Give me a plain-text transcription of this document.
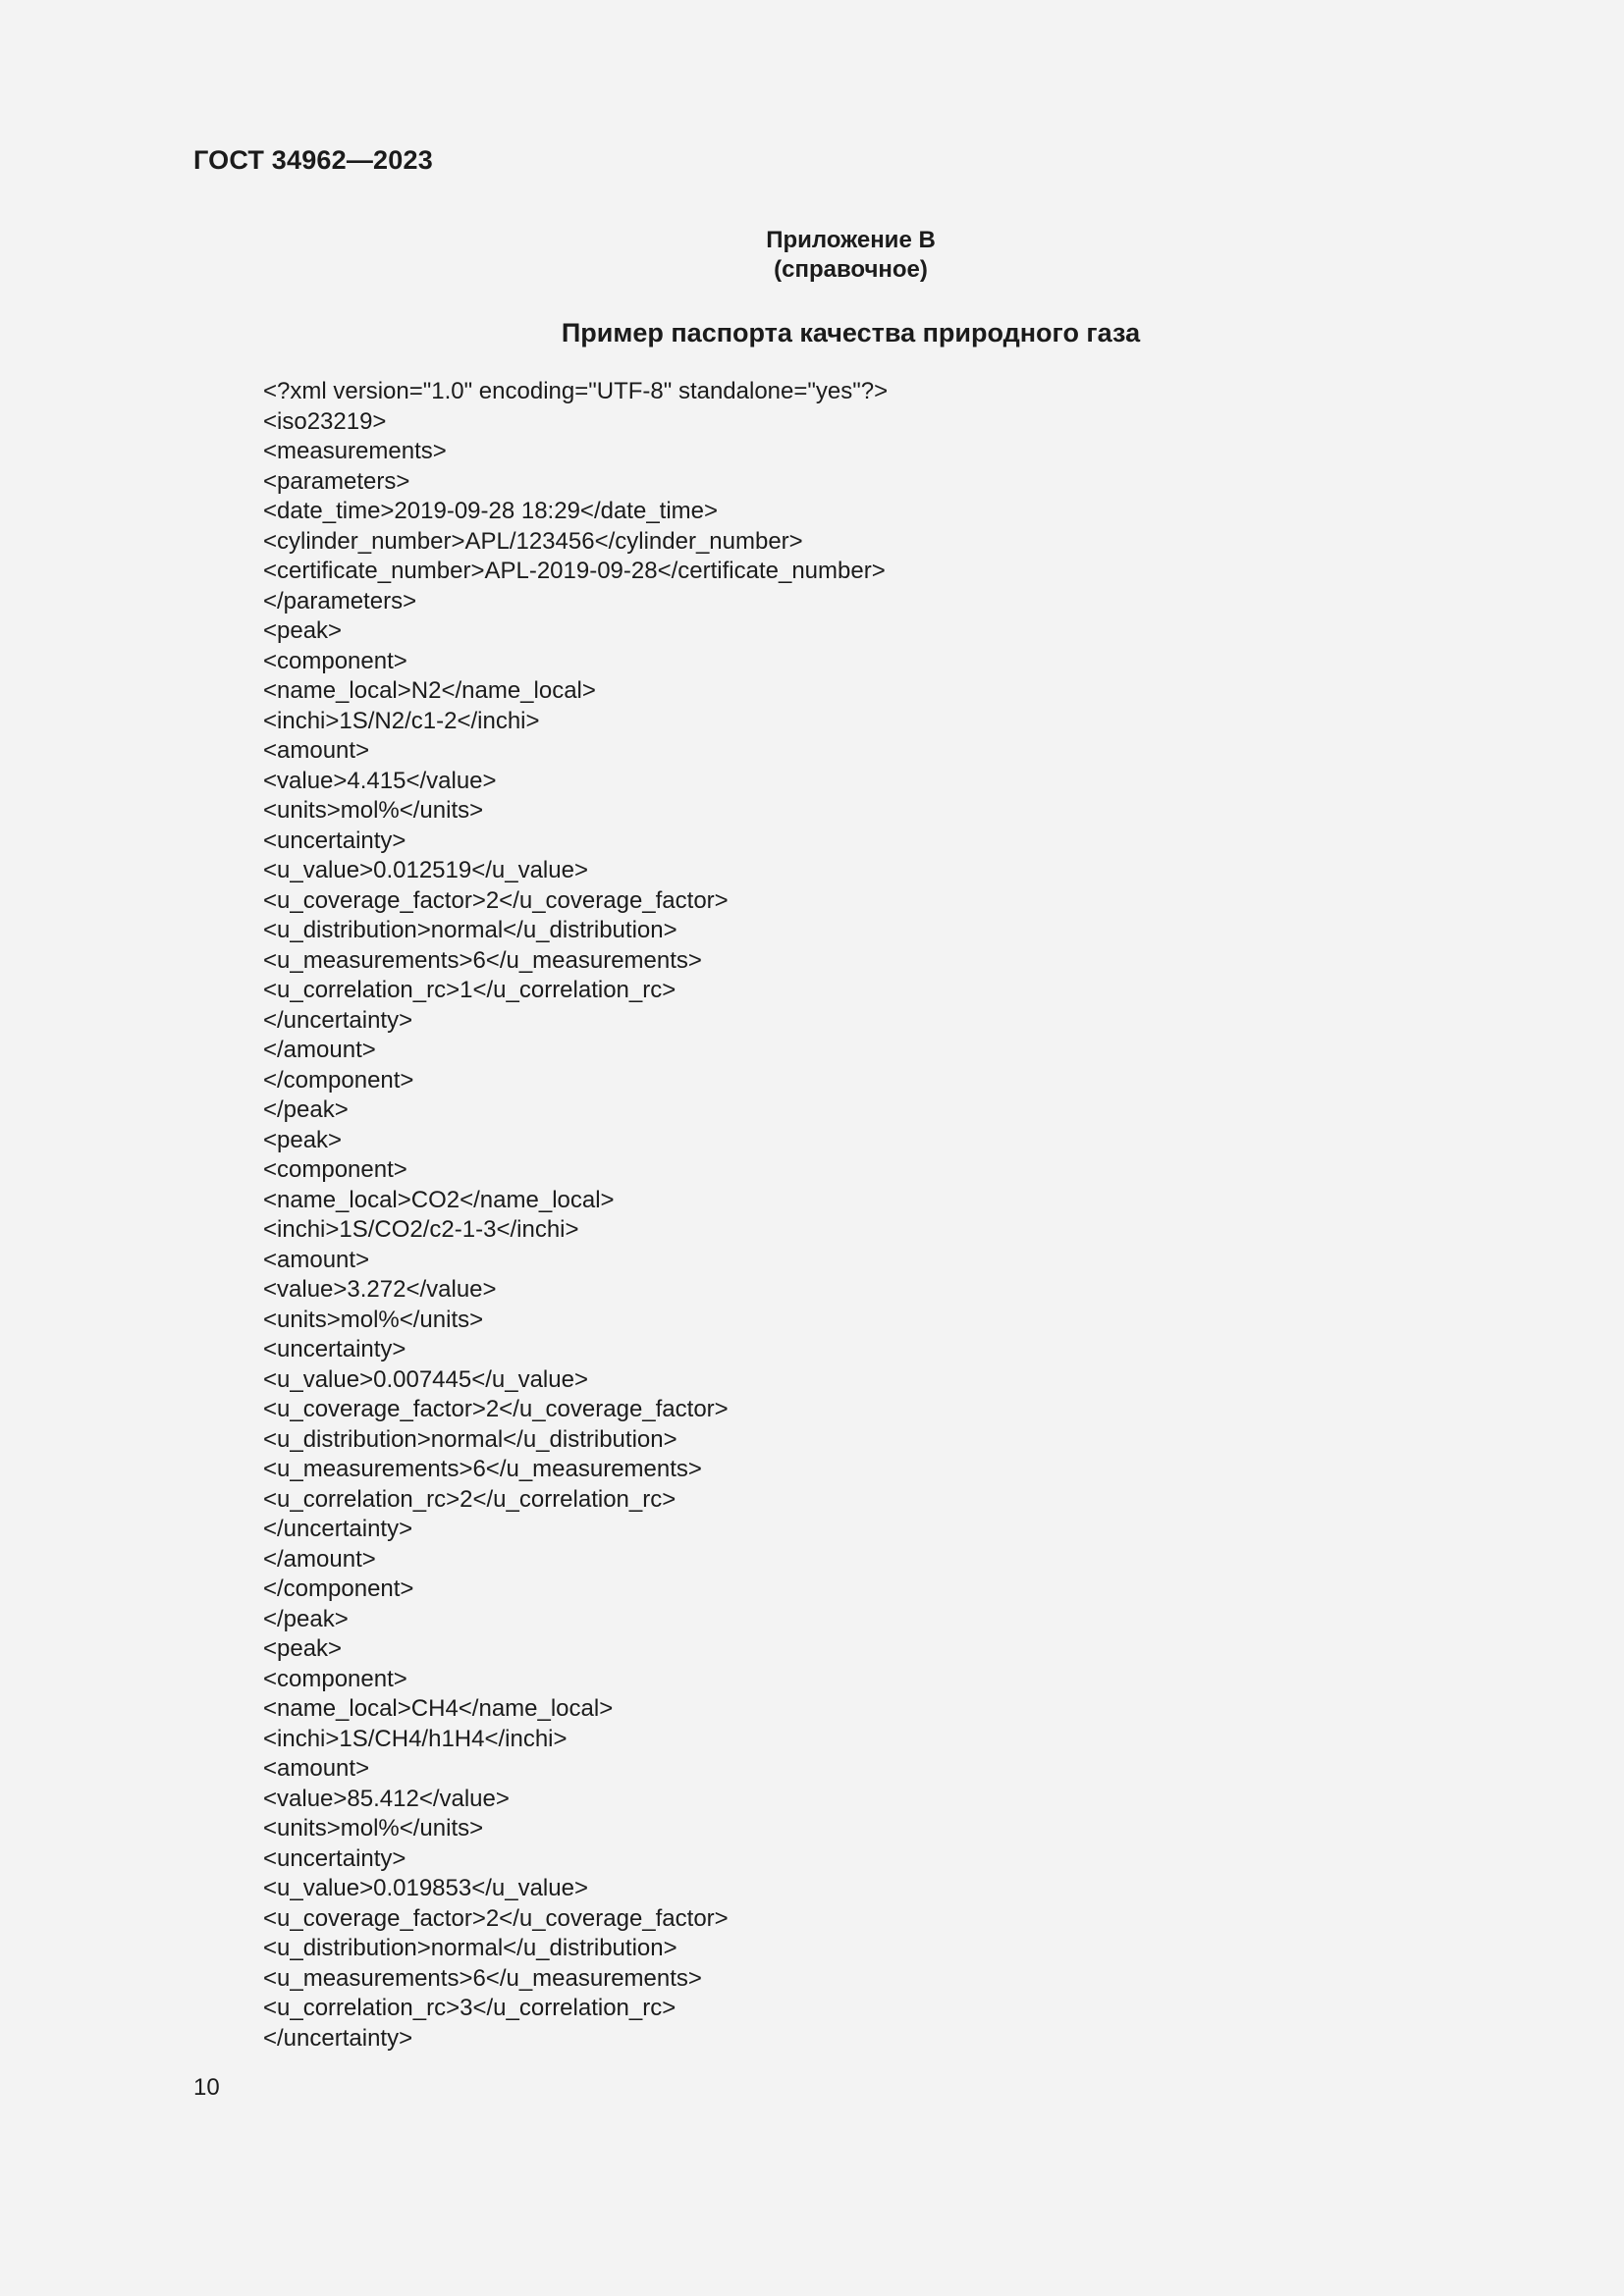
ГОСТ 34962—2023
Приложение В
(справочное)
Пример паспорта качества природного газа
<?xml version="1.0" encoding="UTF-8" standalone="yes"?>
<iso23219>
<measurements>
<parameters>
<date_time>2019-09-28 18:29</date_time>
<cylinder_number>APL/123456</cylinder_number>
<certificate_number>APL-2019-09-28</certificate_number>
</parameters>
<peak>
<component>
<name_local>N2</name_local>
<inchi>1S/N2/c1-2</inchi>
<amount>
<value>4.415</value>
<units>mol%</units>
<uncertainty>
<u_value>0.012519</u_value>
<u_coverage_factor>2</u_coverage_factor>
<u_distribution>normal</u_distribution>
<u_measurements>6</u_measurements>
<u_correlation_rc>1</u_correlation_rc>
</uncertainty>
</amount>
</component>
</peak>
<peak>
<component>
<name_local>CO2</name_local>
<inchi>1S/CO2/c2-1-3</inchi>
<amount>
<value>3.272</value>
<units>mol%</units>
<uncertainty>
<u_value>0.007445</u_value>
<u_coverage_factor>2</u_coverage_factor>
<u_distribution>normal</u_distribution>
<u_measurements>6</u_measurements>
<u_correlation_rc>2</u_correlation_rc>
</uncertainty>
</amount>
</component>
</peak>
<peak>
<component>
<name_local>CH4</name_local>
<inchi>1S/CH4/h1H4</inchi>
<amount>
<value>85.412</value>
<units>mol%</units>
<uncertainty>
<u_value>0.019853</u_value>
<u_coverage_factor>2</u_coverage_factor>
<u_distribution>normal</u_distribution>
<u_measurements>6</u_measurements>
<u_correlation_rc>3</u_correlation_rc>
</uncertainty>
10
